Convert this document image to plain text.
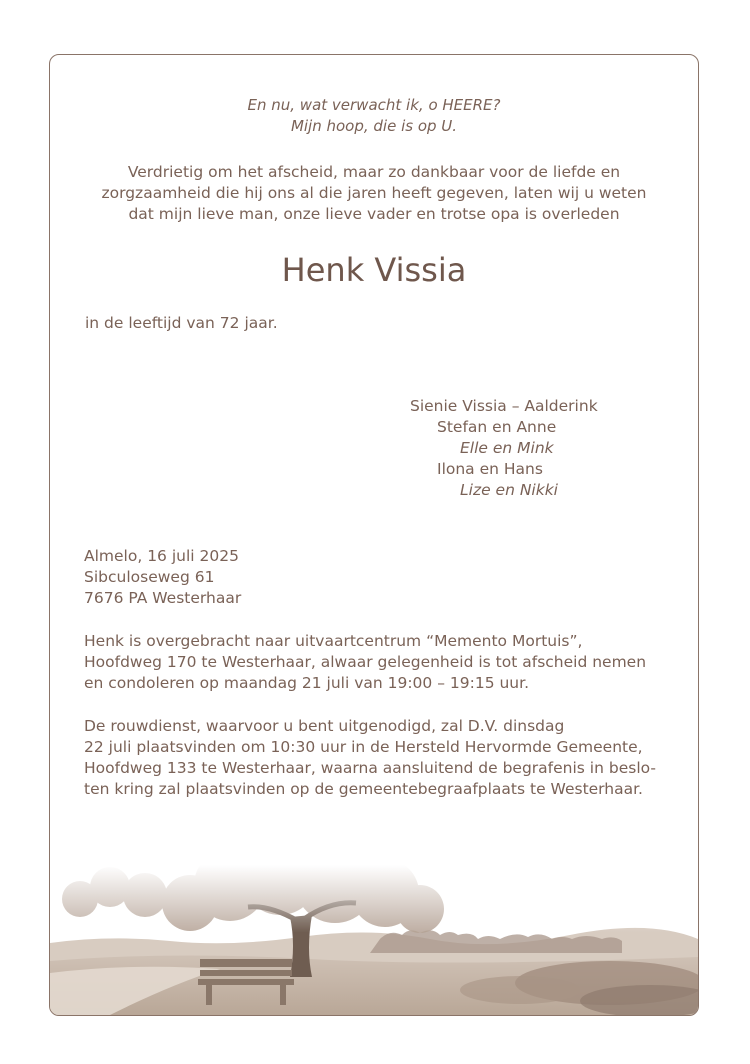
En nu, wat verwacht ik, o HEERE?
Mijn hoop, die is op U.
Verdrietig om het afscheid, maar zo dankbaar voor de liefde en
zorgzaamheid die hij ons al die jaren heeft gegeven, laten wij u weten
dat mijn lieve man, onze lieve vader en trotse opa is overleden
Henk Vissia
in de leeftijd van 72 jaar.
Sienie Vissia – Aalderink
Stefan en Anne
Elle en Mink
Ilona en Hans
Lize en Nikki
Almelo, 16 juli 2025
Sibculoseweg 61
7676 PA Westerhaar
Henk is overgebracht naar uitvaartcentrum “Memento Mortuis”,
Hoofdweg 170 te Westerhaar, alwaar gelegenheid is tot afscheid nemen
en condoleren op maandag 21 juli van 19:00 – 19:15 uur.
De rouwdienst, waarvoor u bent uitgenodigd, zal D.V. dinsdag
22 juli plaatsvinden om 10:30 uur in de Hersteld Hervormde Gemeente,
Hoofdweg 133 te Westerhaar, waarna aansluitend de begrafenis in beslo-
ten kring zal plaatsvinden op de gemeentebegraafplaats te Westerhaar.
